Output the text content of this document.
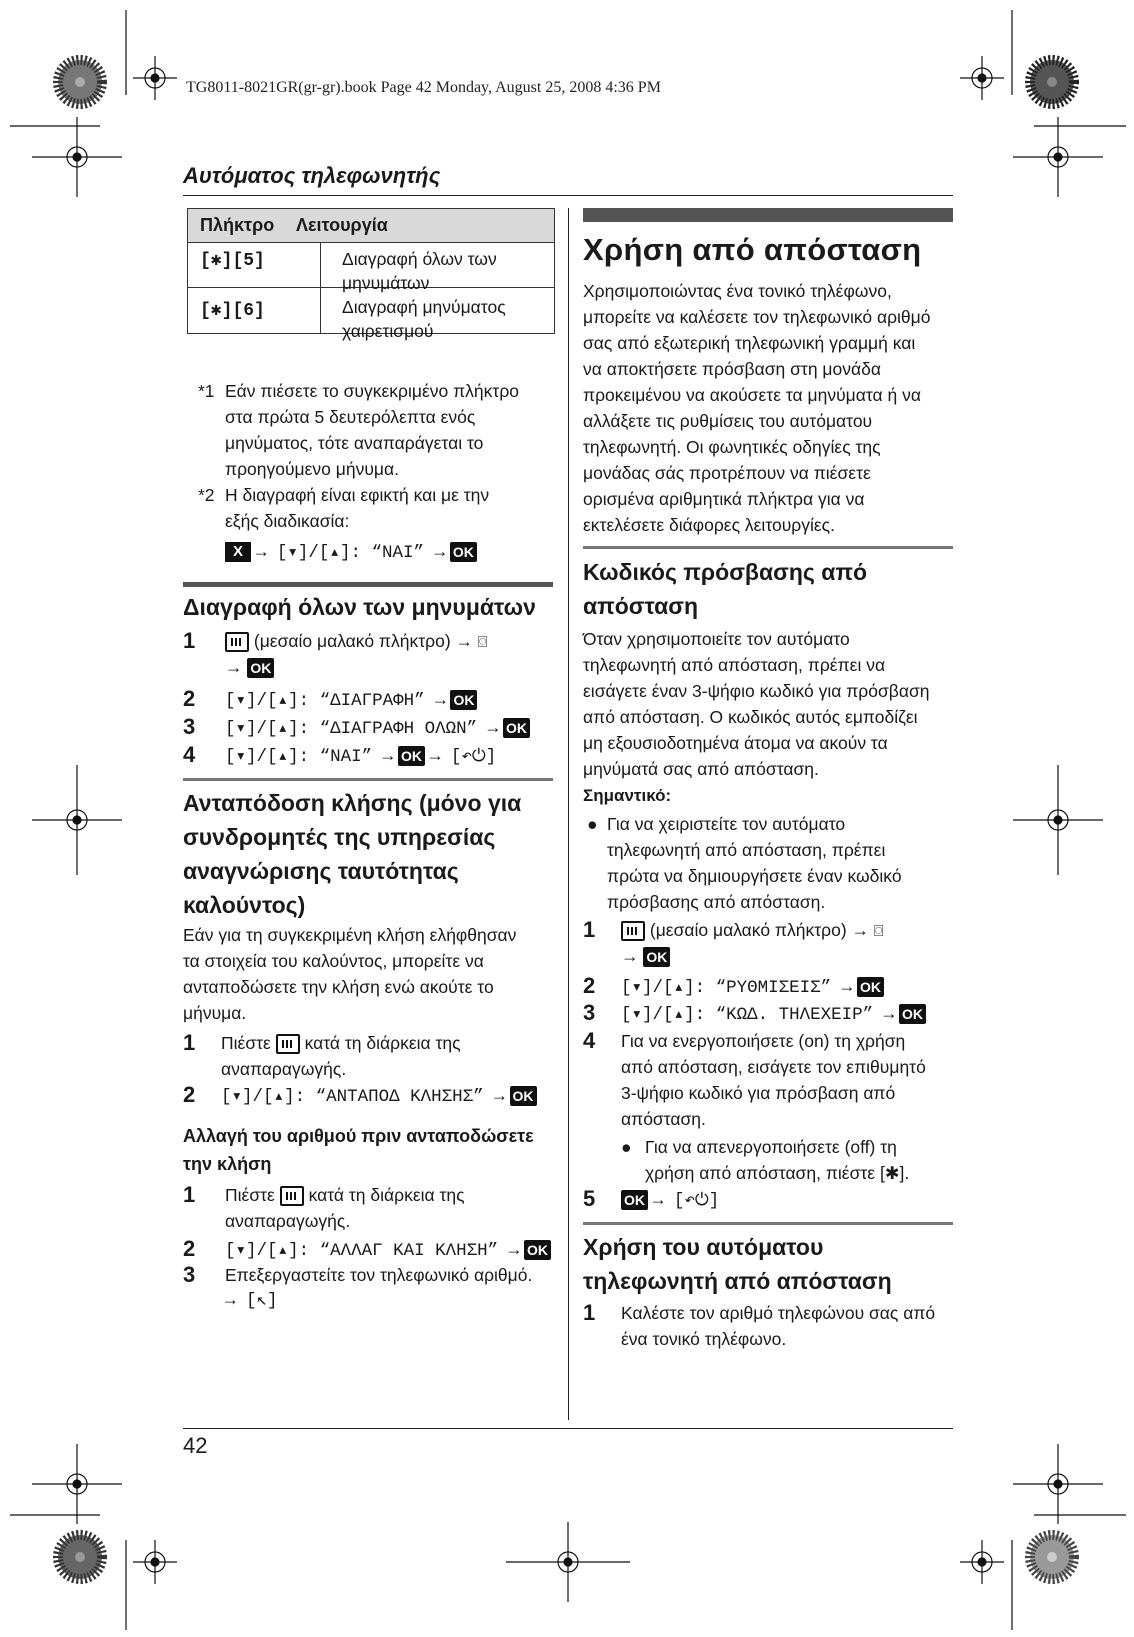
TG8011-8021GR(gr-gr).book Page 42 Monday, August 25, 2008 4:36 PM
Αυτόματος τηλεφωνητής
Πλήκτρο Λειτουργία
[✱][5]	Διαγραφή όλων των
μηνυμάτων
[✱][6]	Διαγραφή μηνύματος
χαιρετισμού
*1 Εάν πιέσετε το συγκεκριμένο πλήκτρο
στα πρώτα 5 δευτερόλεπτα ενός
μηνύματος, τότε αναπαράγεται το
προηγούμενο μήνυμα.
*2 Η διαγραφή είναι εφικτή και με την
εξής διαδικασία:
X → [▾]/[▴]: “NAI” → OK
Διαγραφή όλων των μηνυμάτων
1	(μεσαίο μαλακό πλήκτρο) → ⌼
→ OK
2 [▾]/[▴]: “ΔΙΑΓΡΑΦΗ” → OK
3 [▾]/[▴]: “ΔΙΑΓΡΑΦΗ ΟΛΩΝ” → OK
4 [▾]/[▴]: “NAI” → OK → [↶⏻]
Ανταπόδοση κλήσης (μόνο για
συνδρομητές της υπηρεσίας
αναγνώρισης ταυτότητας
καλούντος)
Εάν για τη συγκεκριμένη κλήση ελήφθησαν
τα στοιχεία του καλούντος, μπορείτε να
ανταποδώσετε την κλήση ενώ ακούτε το
μήνυμα.
1 Πιέστε κατά τη διάρκεια της
αναπαραγωγής.
2 [▾]/[▴]: “ΑΝΤΑΠΟΔ ΚΛΗΣΗΣ” → OK
Αλλαγή του αριθμού πριν ανταποδώσετε
την κλήση
1 Πιέστε κατά τη διάρκεια της
αναπαραγωγής.
2 [▾]/[▴]: “ΑΛΛΑΓ ΚΑΙ ΚΛΗΣΗ” → OK
3 Επεξεργαστείτε τον τηλεφωνικό αριθμό.
→ [↖]
Χρήση από απόσταση
Χρησιμοποιώντας ένα τονικό τηλέφωνο,
μπορείτε να καλέσετε τον τηλεφωνικό αριθμό
σας από εξωτερική τηλεφωνική γραμμή και
να αποκτήσετε πρόσβαση στη μονάδα
προκειμένου να ακούσετε τα μηνύματα ή να
αλλάξετε τις ρυθμίσεις του αυτόματου
τηλεφωνητή. Οι φωνητικές οδηγίες της
μονάδας σάς προτρέπουν να πιέσετε
ορισμένα αριθμητικά πλήκτρα για να
εκτελέσετε διάφορες λειτουργίες.
Κωδικός πρόσβασης από
απόσταση
Όταν χρησιμοποιείτε τον αυτόματο
τηλεφωνητή από απόσταση, πρέπει να
εισάγετε έναν 3-ψήφιο κωδικό για πρόσβαση
από απόσταση. Ο κωδικός αυτός εμποδίζει
μη εξουσιοδοτημένα άτομα να ακούν τα
μηνύματά σας από απόσταση.
Σημαντικό:
● Για να χειριστείτε τον αυτόματο
τηλεφωνητή από απόσταση, πρέπει
πρώτα να δημιουργήσετε έναν κωδικό
πρόσβασης από απόσταση.
1	(μεσαίο μαλακό πλήκτρο) → ⌼
→ OK
2 [▾]/[▴]: “ΡΥΘΜΙΣΕΙΣ” → OK
3 [▾]/[▴]: “ΚΩΔ. ΤΗΛΕΧΕΙΡ” → OK
4 Για να ενεργοποιήσετε (on) τη χρήση
από απόσταση, εισάγετε τον επιθυμητό
3-ψήφιο κωδικό για πρόσβαση από
απόσταση.
● Για να απενεργοποιήσετε (off) τη
χρήση από απόσταση, πιέστε [✱].
5 OK → [↶⏻]
Χρήση του αυτόματου
τηλεφωνητή από απόσταση
1 Καλέστε τον αριθμό τηλεφώνου σας από
ένα τονικό τηλέφωνο.
42
